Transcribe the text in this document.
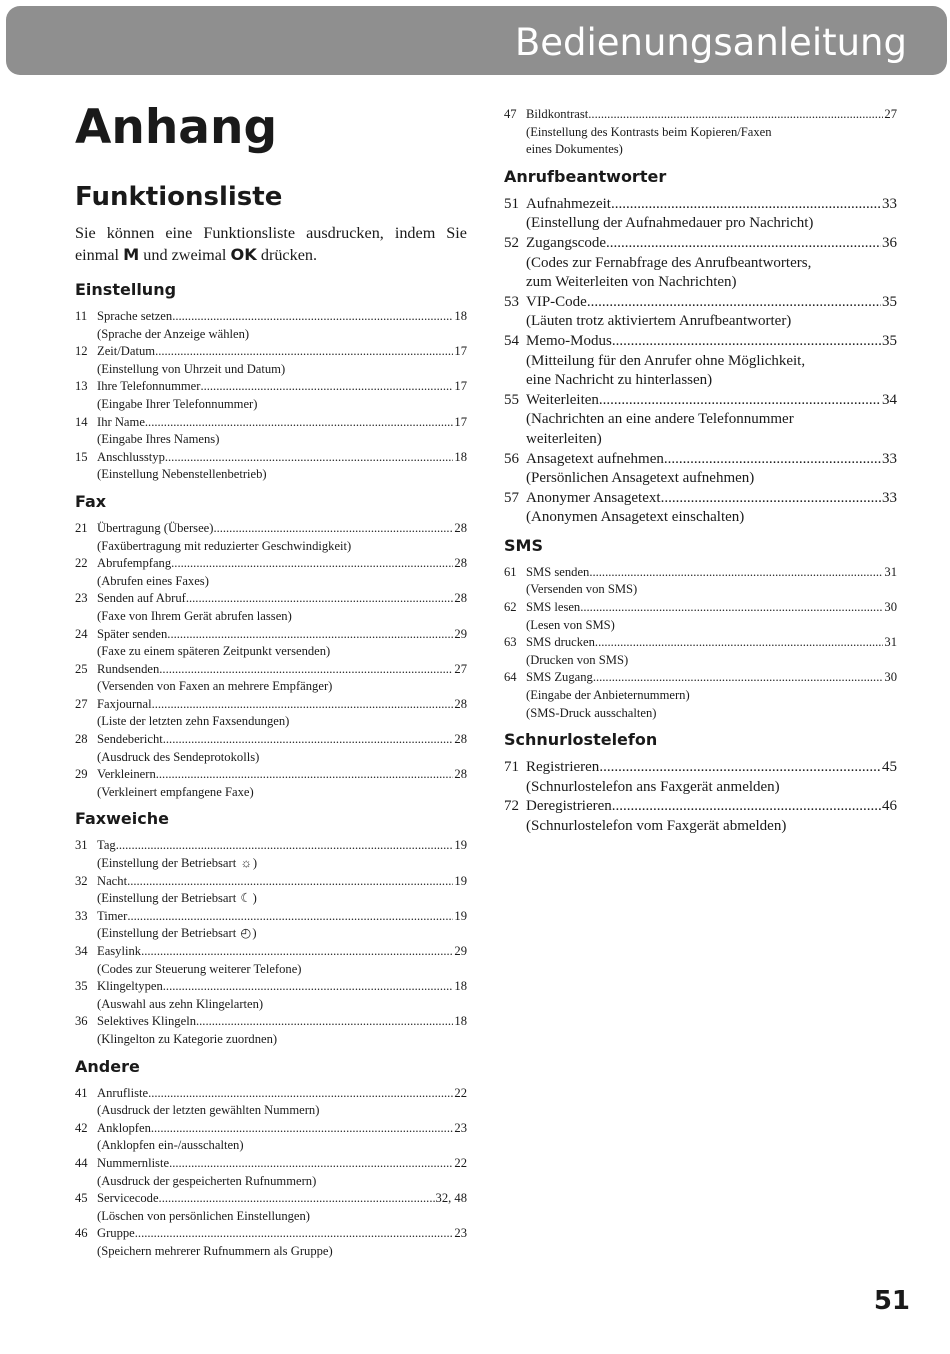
Bedienungsanleitung
Anhang
Funktionsliste

Sie können eine Funktionsliste ausdrucken, indem Sie einmal M und zweimal OK drücken.

Einstellung
11 Sprache setzen .....	18
(Sprache der Anzeige wählen)
12 Zeit/Datum .....	17
(Einstellung von Uhrzeit und Datum)
13 Ihre Telefonnummer .....	17
(Eingabe Ihrer Telefonnummer)
14 Ihr Name .....	17
(Eingabe Ihres Namens)
15 Anschlusstyp .....	18
(Einstellung Nebenstellenbetrieb)
Fax
21 Übertragung (Übersee) .....	28
(Faxübertragung mit reduzierter Geschwindigkeit)
22 Abrufempfang .....	28
(Abrufen eines Faxes)
23 Senden auf Abruf .....	28
(Faxe von Ihrem Gerät abrufen lassen)
24 Später senden .....	29
(Faxe zu einem späteren Zeitpunkt versenden)
25 Rundsenden .....	27
(Versenden von Faxen an mehrere Empfänger)
27 Faxjournal .....	28
(Liste der letzten zehn Faxsendungen)
28 Sendebericht .....	28
(Ausdruck des Sendeprotokolls)
29 Verkleinern .....	28
(Verkleinert empfangene Faxe)
Faxweiche
31 Tag .....	19
(Einstellung der Betriebsart ☼)
32 Nacht .....	19
(Einstellung der Betriebsart ☾)
33 Timer .....	19
(Einstellung der Betriebsart ◴)
34 Easylink. .....	29
(Codes zur Steuerung weiterer Telefone)
35 Klingeltypen .....	18
(Auswahl aus zehn Klingelarten)
36 Selektives Klingeln .....	18
(Klingelton zu Kategorie zuordnen)
Andere
41 Anrufliste .....	22
(Ausdruck der letzten gewählten Nummern)
42 Anklopfen .....	23
(Anklopfen ein-/ausschalten)
44 Nummernliste .....	22
(Ausdruck der gespeicherten Rufnummern)
45 Servicecode .....	32, 48
(Löschen von persönlichen Einstellungen)
46 Gruppe .....	23
(Speichern mehrerer Rufnummern als Gruppe)
47 Bildkontrast .....	27
(Einstellung des Kontrasts beim Kopieren/Faxen
eines Dokumentes)
Anrufbeantworter
51 Aufnahmezeit .....	33
(Einstellung der Aufnahmedauer pro Nachricht)
52 Zugangscode .....	36
(Codes zur Fernabfrage des Anrufbeantworters,
zum Weiterleiten von Nachrichten)
53 VIP-Code .....	35
(Läuten trotz aktiviertem Anrufbeantworter)
54 Memo-Modus .....	35
(Mitteilung für den Anrufer ohne Möglichkeit,
eine Nachricht zu hinterlassen)
55 Weiterleiten .....	34
(Nachrichten an eine andere Telefonnummer
weiterleiten)
56 Ansagetext aufnehmen .....	33
(Persönlichen Ansagetext aufnehmen)
57 Anonymer Ansagetext .....	33
(Anonymen Ansagetext einschalten)
SMS
61 SMS senden .....	31
(Versenden von SMS)
62 SMS lesen .....	30
(Lesen von SMS)
63 SMS drucken .....	31
(Drucken von SMS)
64 SMS Zugang .....	30
(Eingabe der Anbieternummern)
(SMS-Druck ausschalten)
Schnurlostelefon
71 Registrieren .....	45
(Schnurlostelefon ans Faxgerät anmelden)
72 Deregistrieren .....	46
(Schnurlostelefon vom Faxgerät abmelden)

51
